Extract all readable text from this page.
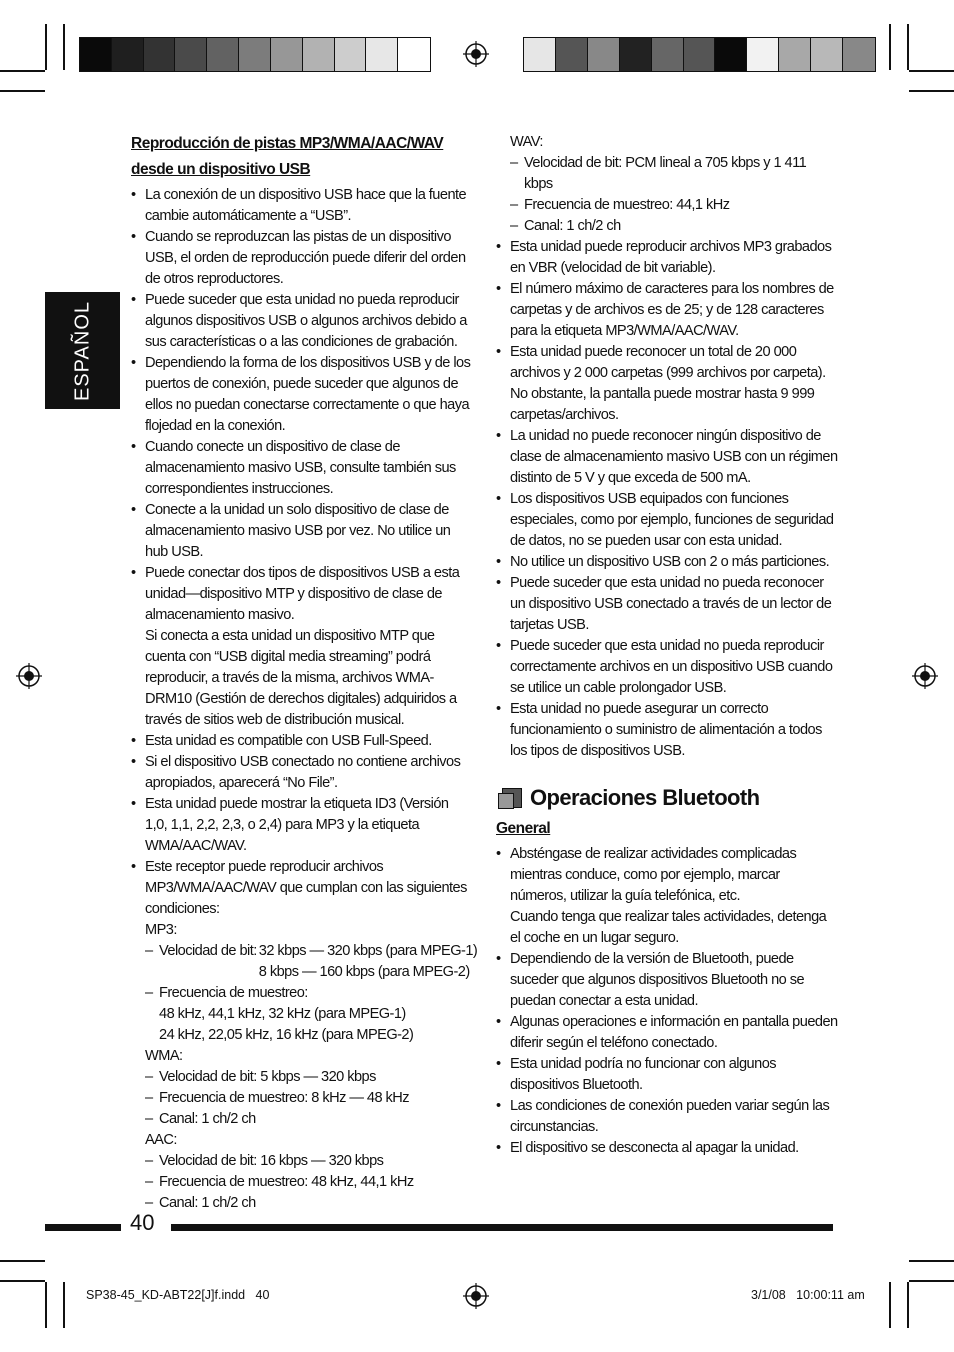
ESPAÑOL
Reproducción de pistas MP3/WMA/AAC/WAV
desde un dispositivo USB
• La conexión de un dispositivo USB hace que la fuente cambie automáticamente a “USB”.
• Cuando se reproduzcan las pistas de un dispositivo USB, el orden de reproducción puede diferir del orden de otros reproductores.
• Puede suceder que esta unidad no pueda reproducir algunos dispositivos USB o algunos archivos debido a sus características o a las condiciones de grabación.
• Dependiendo la forma de los dispositivos USB y de los puertos de conexión, puede suceder que algunos de ellos no puedan conectarse correctamente o que haya flojedad en la conexión.
• Cuando conecte un dispositivo de clase de almacenamiento masivo USB, consulte también sus correspondientes instrucciones.
• Conecte a la unidad un solo dispositivo de clase de almacenamiento masivo USB por vez. No utilice un hub USB.

• Puede conectar dos tipos de dispositivos USB a esta unidad—dispositivo MTP y dispositivo de clase de almacenamiento masivo.

Si conecta a esta unidad un dispositivo MTP que cuenta con “USB digital media streaming” podrá reproducir, a través de la misma, archivos WMA-DRM10 (Gestión de derechos digitales) adquiridos a través de sitios web de distribución musical.

• Esta unidad es compatible con USB Full-Speed.
• Si el dispositivo USB conectado no contiene archivos apropiados, aparecerá “No File”.
• Esta unidad puede mostrar la etiqueta ID3 (Versión 1,0, 1,1, 2,2, 2,3, o 2,4) para MP3 y la etiqueta WMA/AAC/WAV.

• Este receptor puede reproducir archivos MP3/WMA/AAC/WAV que cumplan con las siguientes condiciones:

MP3:

– Velocidad de bit: 32 kbps — 320 kbps (para MPEG-1)
8 kbps — 160 kbps (para MPEG-2)
– Frecuencia de muestreo:
48 kHz, 44,1 kHz, 32 kHz (para MPEG-1)
24 kHz, 22,05 kHz, 16 kHz (para MPEG-2)

WMA:

– Velocidad de bit: 5 kbps — 320 kbps
– Frecuencia de muestreo: 8 kHz — 48 kHz
– Canal: 1 ch/2 ch

AAC:

– Velocidad de bit: 16 kbps — 320 kbps
– Frecuencia de muestreo: 48 kHz, 44,1 kHz
– Canal: 1 ch/2 ch

WAV:

– Velocidad de bit: PCM lineal a 705 kbps y 1 411 kbps
– Frecuencia de muestreo: 44,1 kHz
– Canal: 1 ch/2 ch
• Esta unidad puede reproducir archivos MP3 grabados en VBR (velocidad de bit variable).
• El número máximo de caracteres para los nombres de carpetas y de archivos es de 25; y de 128 caracteres para la etiqueta MP3/WMA/AAC/WAV.
• Esta unidad puede reconocer un total de 20 000 archivos y 2 000 carpetas (999 archivos por carpeta). No obstante, la pantalla puede mostrar hasta 9 999 carpetas/archivos.
• La unidad no puede reconocer ningún dispositivo de clase de almacenamiento masivo USB con un régimen distinto de 5 V y que exceda de 500 mA.
• Los dispositivos USB equipados con funciones especiales, como por ejemplo, funciones de seguridad de datos, no se pueden usar con esta unidad.
• No utilice un dispositivo USB con 2 o más particiones.
• Puede suceder que esta unidad no pueda reconocer un dispositivo USB conectado a través de un lector de tarjetas USB.
• Puede suceder que esta unidad no pueda reproducir correctamente archivos en un dispositivo USB cuando se utilice un cable prolongador USB.
• Esta unidad no puede asegurar un correcto funcionamiento o suministro de alimentación a todos los tipos de dispositivos USB.
Operaciones Bluetooth
General

• Absténgase de realizar actividades complicadas mientras conduce, como por ejemplo, marcar números, utilizar la guía telefónica, etc.

Cuando tenga que realizar tales actividades, detenga el coche en un lugar seguro.

• Dependiendo de la versión de Bluetooth, puede suceder que algunos dispositivos Bluetooth no se puedan conectar a esta unidad.
• Algunas operaciones e información en pantalla pueden diferir según el teléfono conectado.
• Esta unidad podría no funcionar con algunos dispositivos Bluetooth.
• Las condiciones de conexión pueden variar según las circunstancias.
• El dispositivo se desconecta al apagar la unidad.
40
SP38-45_KD-ABT22[J]f.indd   40	3/1/08   10:00:11 am
